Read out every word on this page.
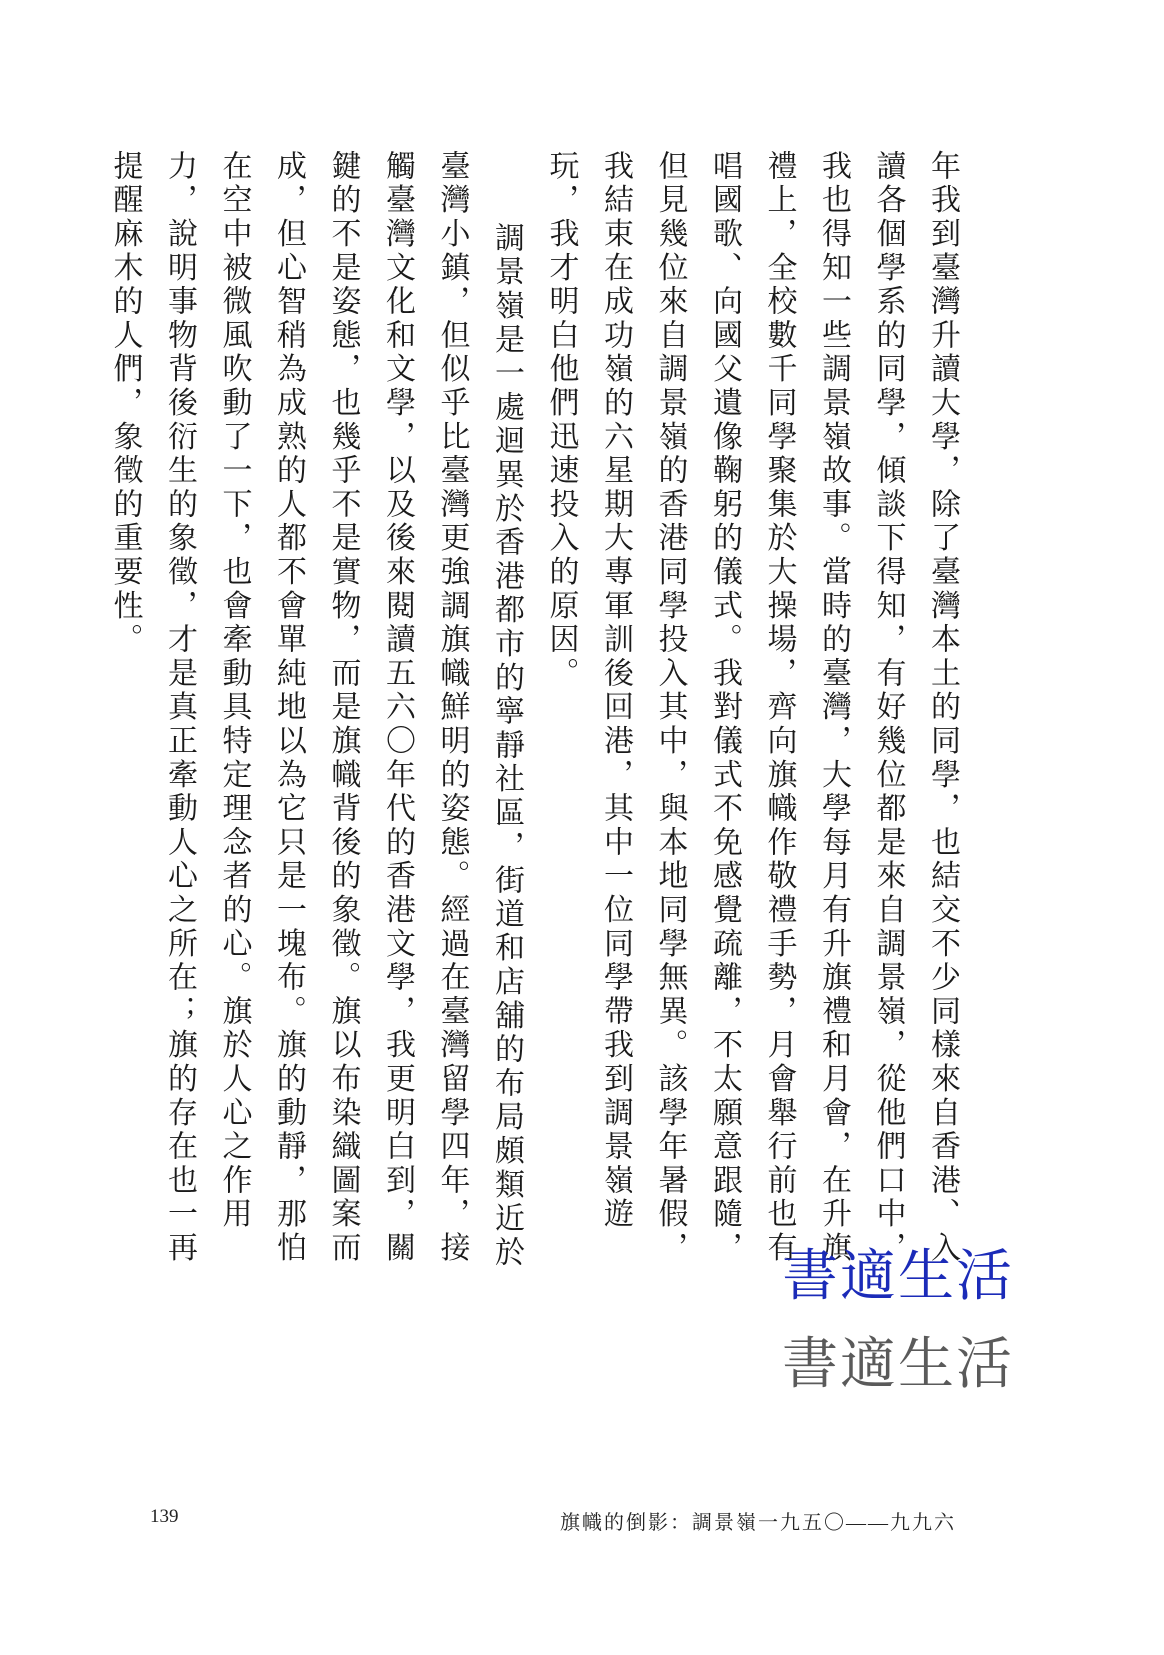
年我到臺灣升讀大學，除了臺灣本土的同學，也結交不少同樣來自香港、入
讀各個學系的同學，傾談下得知，有好幾位都是來自調景嶺，從他們口中，
我也得知一些調景嶺故事。當時的臺灣，大學每月有升旗禮和月會，在升旗
禮上，全校數千同學聚集於大操場，齊向旗幟作敬禮手勢，月會舉行前也有
唱國歌、向國父遺像鞠躬的儀式。我對儀式不免感覺疏離，不太願意跟隨，
但見幾位來自調景嶺的香港同學投入其中，與本地同學無異。該學年暑假，
我結束在成功嶺的六星期大專軍訓後回港，其中一位同學帶我到調景嶺遊
玩，我才明白他們迅速投入的原因。
調景嶺是一處迴異於香港都市的寧靜社區，街道和店舖的布局頗類近於
臺灣小鎮，但似乎比臺灣更強調旗幟鮮明的姿態。經過在臺灣留學四年，接
觸臺灣文化和文學，以及後來閱讀五六〇年代的香港文學，我更明白到，關
鍵的不是姿態，也幾乎不是實物，而是旗幟背後的象徵。旗以布染織圖案而
成，但心智稍為成熟的人都不會單純地以為它只是一塊布。旗的動靜，那怕
在空中被微風吹動了一下，也會牽動具特定理念者的心。旗於人心之作用
力，說明事物背後衍生的象徵，才是真正牽動人心之所在；旗的存在也一再
提醒麻木的人們，象徵的重要性。
書適生活
書適生活
139	旗幟的倒影：調景嶺一九五〇——九九六
